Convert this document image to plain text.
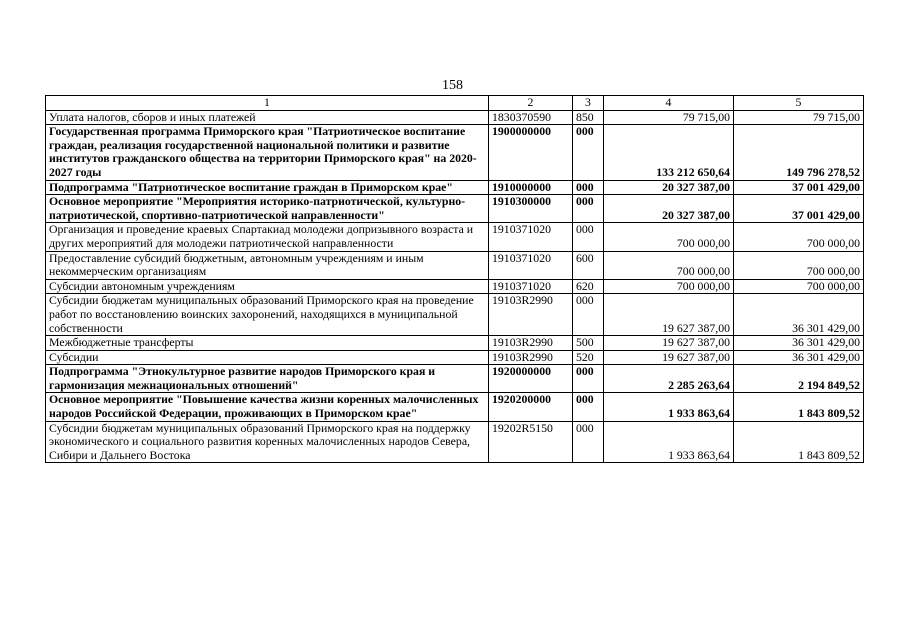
158
1	2	3	4	5
Уплата налогов, сборов и иных платежей	1830370590	850	79 715,00	79 715,00
Государственная программа Приморского края "Патриотическое воспитание граждан, реализация государственной национальной политики и развитие институтов гражданского общества на территории Приморского края" на 2020-2027 годы	1900000000	000	133 212 650,64	149 796 278,52
Подпрограмма "Патриотическое воспитание граждан в Приморском крае"	1910000000	000	20 327 387,00	37 001 429,00
Основное мероприятие "Мероприятия историко-патриотической, культурно-патриотической, спортивно-патриотической направленности"	1910300000	000	20 327 387,00	37 001 429,00
Организация и проведение краевых Спартакиад молодежи допризывного возраста и других мероприятий для молодежи патриотической направленности	1910371020	000	700 000,00	700 000,00
Предоставление субсидий бюджетным, автономным учреждениям и иным некоммерческим организациям	1910371020	600	700 000,00	700 000,00
Субсидии автономным учреждениям	1910371020	620	700 000,00	700 000,00
Субсидии бюджетам муниципальных образований Приморского края на проведение работ по восстановлению воинских захоронений, находящихся в муниципальной собственности	19103R2990	000	19 627 387,00	36 301 429,00
Межбюджетные трансферты	19103R2990	500	19 627 387,00	36 301 429,00
Субсидии	19103R2990	520	19 627 387,00	36 301 429,00
Подпрограмма "Этнокультурное развитие народов Приморского края и гармонизация межнациональных отношений"	1920000000	000	2 285 263,64	2 194 849,52
Основное мероприятие "Повышение качества жизни коренных малочисленных народов Российской Федерации, проживающих в Приморском крае"	1920200000	000	1 933 863,64	1 843 809,52
Субсидии бюджетам муниципальных образований Приморского края на поддержку экономического и социального развития коренных малочисленных народов Севера, Сибири и Дальнего Востока	19202R5150	000	1 933 863,64	1 843 809,52
